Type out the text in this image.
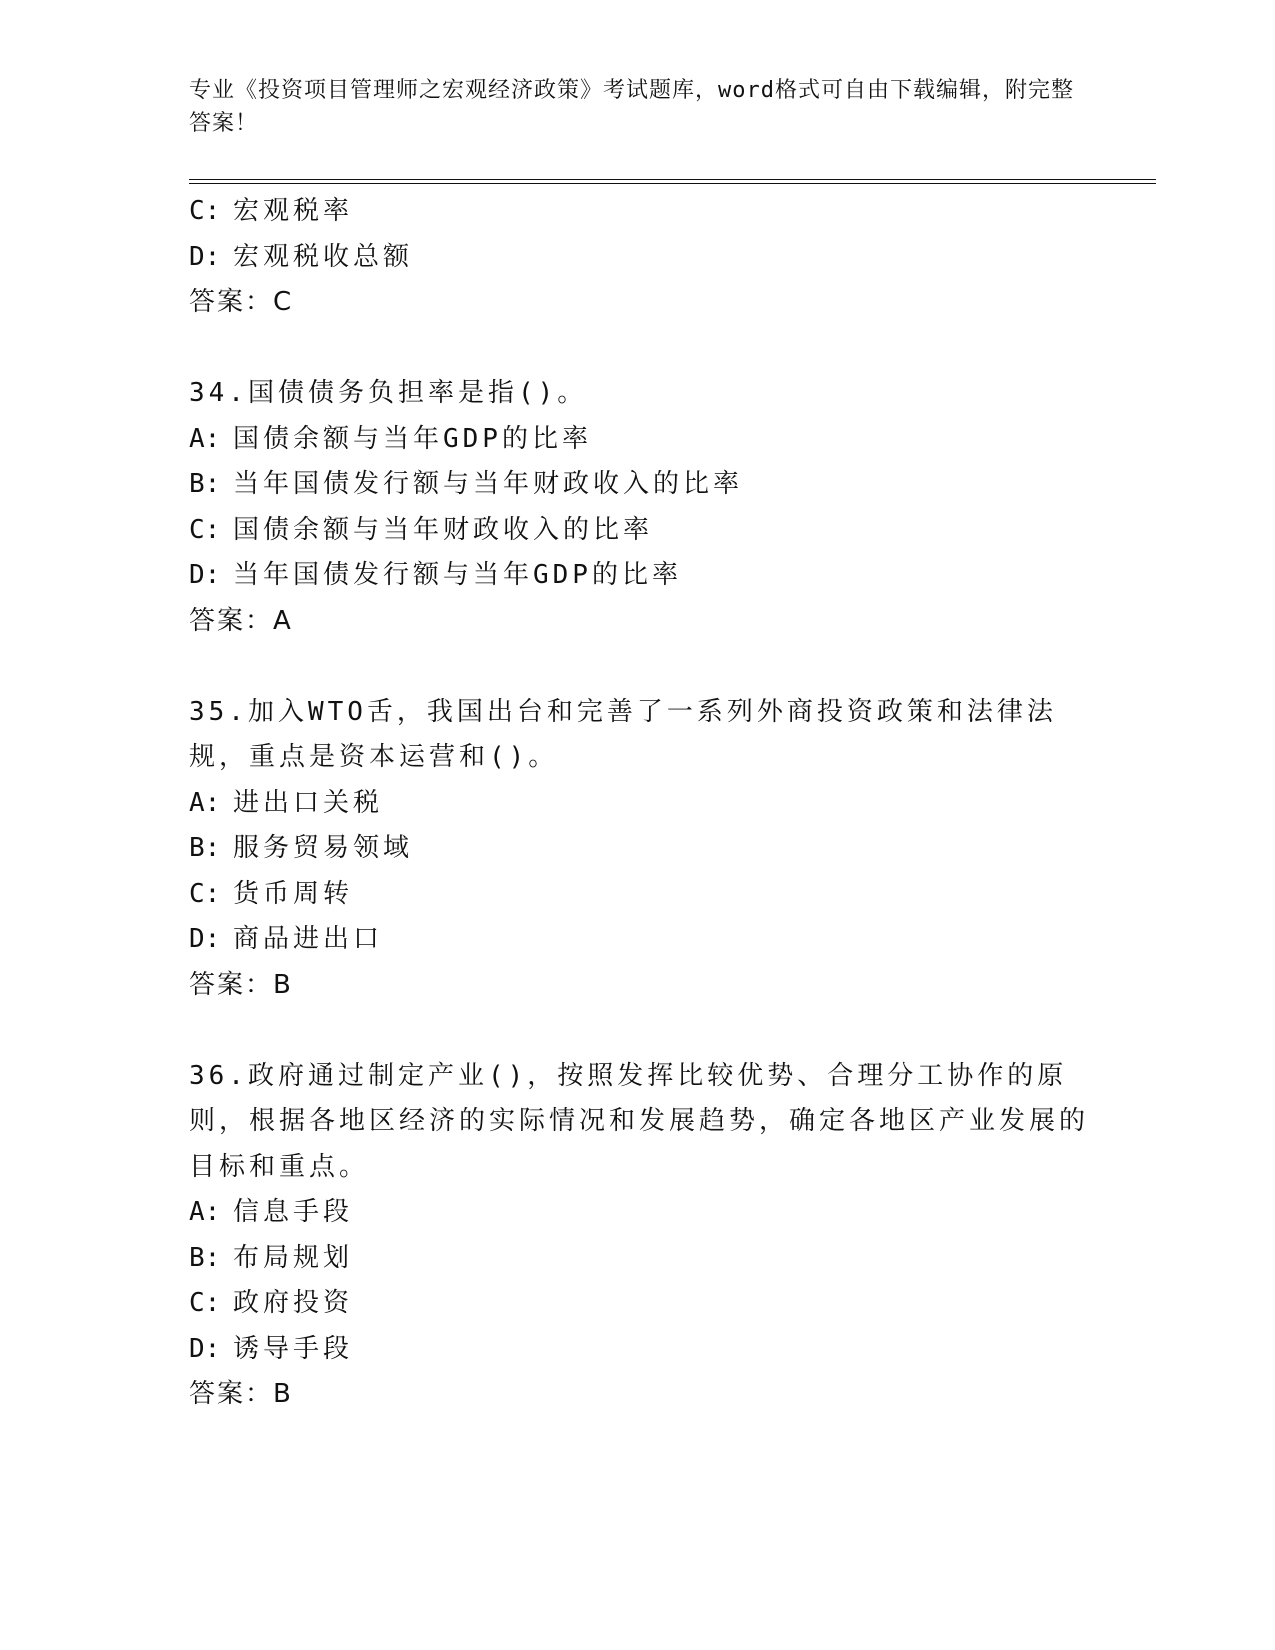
专业《投资项目管理师之宏观经济政策》考试题库，word格式可自由下载编辑，附完整答案！
C: 宏观税率
D: 宏观税收总额
答案：C
34.国债债务负担率是指()。
A: 国债余额与当年GDP的比率
B: 当年国债发行额与当年财政收入的比率
C: 国债余额与当年财政收入的比率
D: 当年国债发行额与当年GDP的比率
答案：A
35.加入WTO舌，我国出台和完善了一系列外商投资政策和法律法规，重点是资本运营和()。
A: 进出口关税
B: 服务贸易领域
C: 货币周转
D: 商品进出口
答案：B
36.政府通过制定产业()，按照发挥比较优势、合理分工协作的原则，根据各地区经济的实际情况和发展趋势，确定各地区产业发展的目标和重点。
A: 信息手段
B: 布局规划
C: 政府投资
D: 诱导手段
答案：B
